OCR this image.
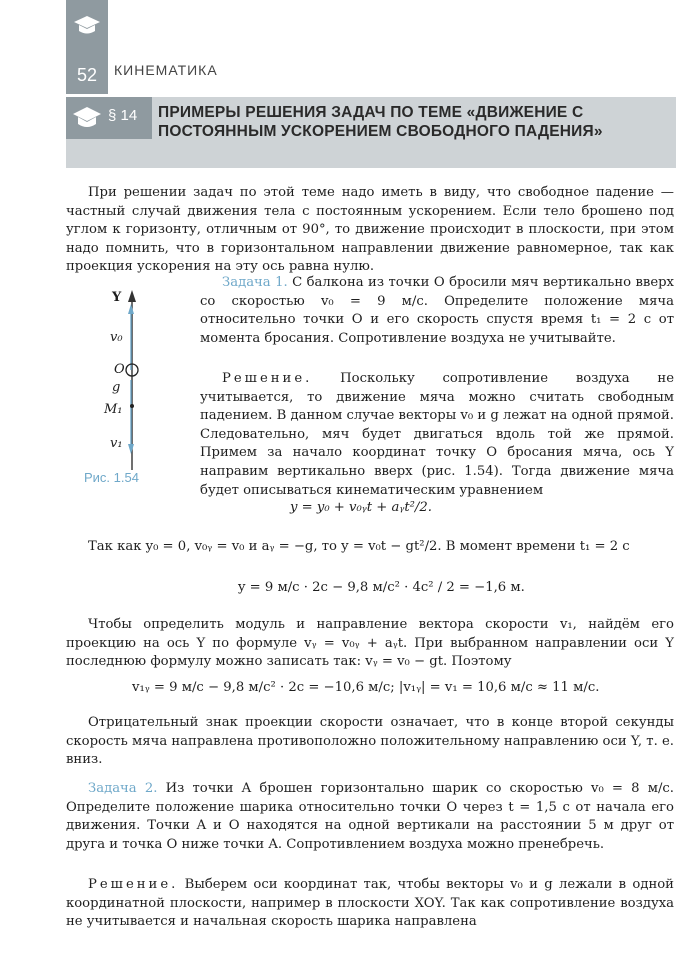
52	КИНЕМАТИКА
§ 14 ПРИМЕРЫ РЕШЕНИЯ ЗАДАЧ ПО ТЕМЕ «ДВИЖЕНИЕ С ПОСТОЯННЫМ УСКОРЕНИЕМ СВОБОДНОГО ПАДЕНИЯ»
При решении задач по этой теме надо иметь в виду, что свободное падение — частный случай движения тела с постоянным ускорением. Если тело брошено под углом к горизонту, отличным от 90°, то движение происходит в плоскости, при этом надо помнить, что в горизонтальном направлении движение равномерное, так как проекция ускорения на эту ось равна нулю.
Y
v₀
O
g
M₁
v₁
Рис. 1.54
Задача 1. С балкона из точки O бросили мяч вертикально вверх со скоростью v₀ = 9 м/с. Определите положение мяча относительно точки O и его скорость спустя время t₁ = 2 с от момента бросания. Сопротивление воздуха не учитывайте.
Решение. Поскольку сопротивление воздуха не учитывается, то движение мяча можно считать свободным падением. В данном случае векторы v₀ и g лежат на одной прямой. Следовательно, мяч будет двигаться вдоль той же прямой. Примем за начало координат точку O бросания мяча, ось Y направим вертикально вверх (рис. 1.54). Тогда движение мяча будет описываться кинематическим уравнением
y = y₀ + v₀ᵧt + aᵧt²/2.
Так как y₀ = 0, v₀ᵧ = v₀ и aᵧ = −g, то y = v₀t − gt²/2. В момент времени t₁ = 2 с
y = 9 м/с · 2с − 9,8 м/с² · 4с² / 2 = −1,6 м.
Чтобы определить модуль и направление вектора скорости v₁, найдём его проекцию на ось Y по формуле vᵧ = v₀ᵧ + aᵧt. При выбранном направлении оси Y последнюю формулу можно записать так: vᵧ = v₀ − gt. Поэтому
v₁ᵧ = 9 м/с − 9,8 м/с² · 2с = −10,6 м/с; |v₁ᵧ| = v₁ = 10,6 м/с ≈ 11 м/с.
Отрицательный знак проекции скорости означает, что в конце второй секунды скорость мяча направлена противоположно положительному направлению оси Y, т. е. вниз.
Задача 2. Из точки A брошен горизонтально шарик со скоростью v₀ = 8 м/с. Определите положение шарика относительно точки O через t = 1,5 с от начала его движения. Точки A и O находятся на одной вертикали на расстоянии 5 м друг от друга и точка O ниже точки A. Сопротивлением воздуха можно пренебречь.
Решение. Выберем оси координат так, чтобы векторы v₀ и g лежали в одной координатной плоскости, например в плоскости XOY. Так как сопротивление воздуха не учитывается и начальная скорость шарика направлена
